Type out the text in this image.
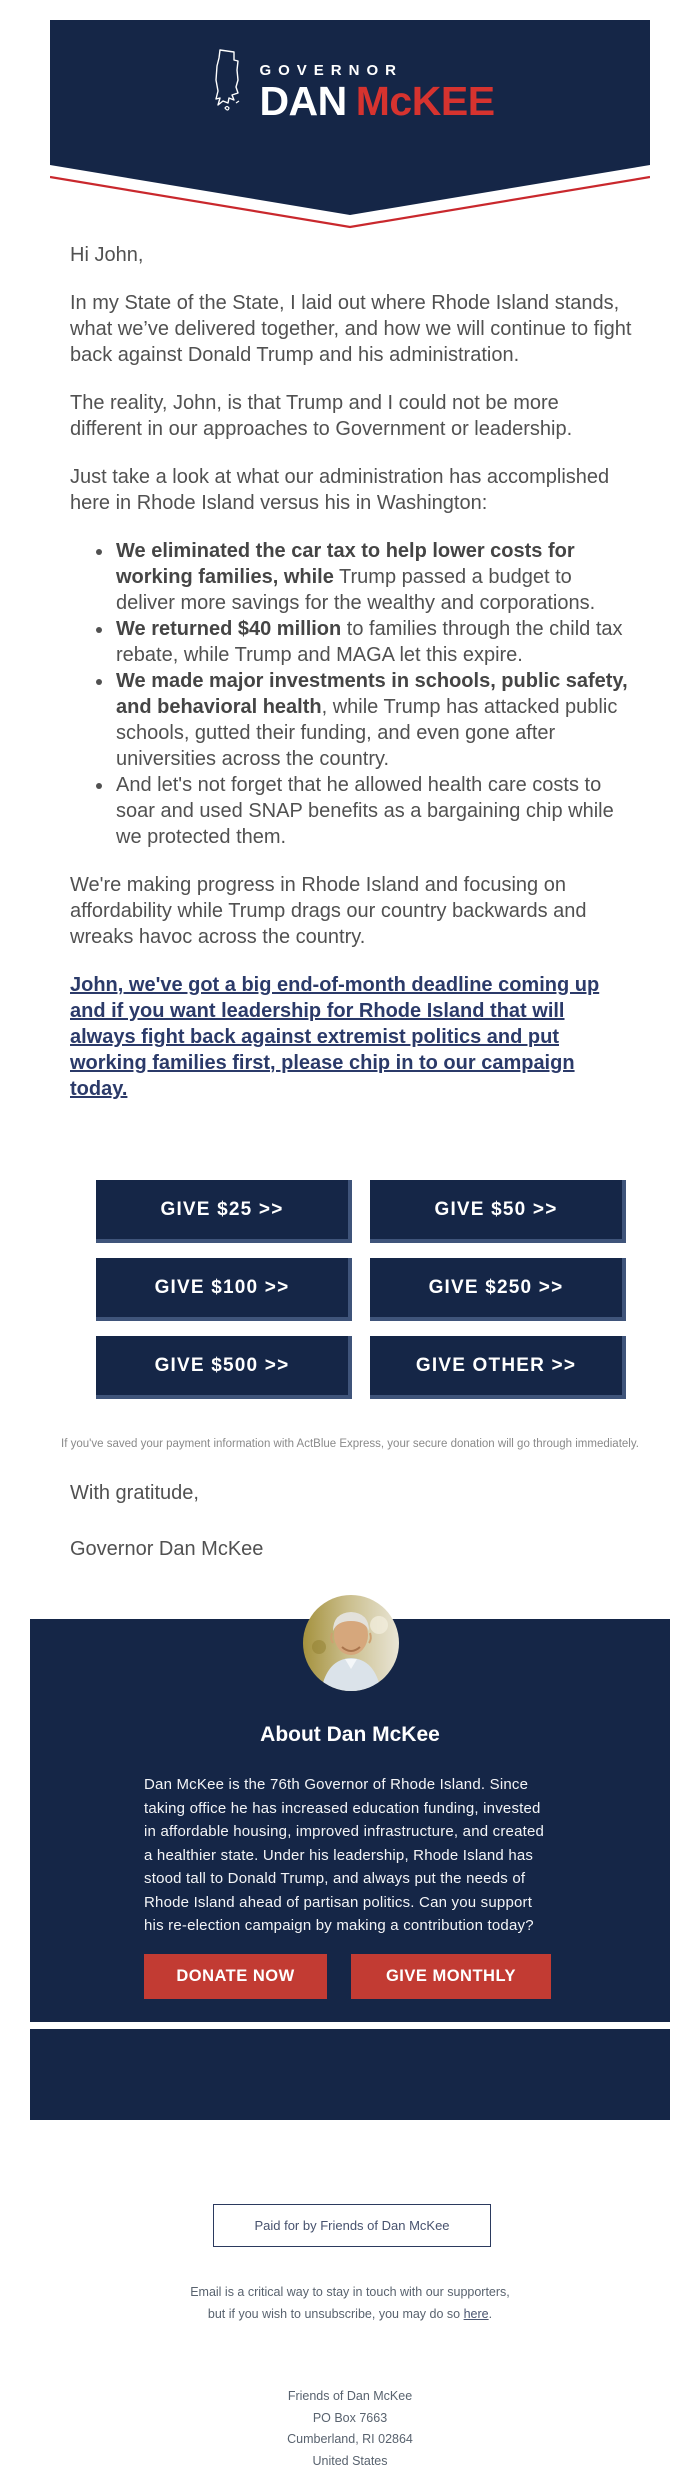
GOVERNOR
DAN McKEE

Hi John,

In my State of the State, I laid out where Rhode Island stands, what we’ve delivered together, and how we will continue to fight back against Donald Trump and his administration.

The reality, John, is that Trump and I could not be more different in our approaches to Government or leadership.

Just take a look at what our administration has accomplished here in Rhode Island versus his in Washington:

• We eliminated the car tax to help lower costs for working families, while Trump passed a budget to deliver more savings for the wealthy and corporations.
• We returned $40 million to families through the child tax rebate, while Trump and MAGA let this expire.
• We made major investments in schools, public safety, and behavioral health, while Trump has attacked public schools, gutted their funding, and even gone after universities across the country.
• And let's not forget that he allowed health care costs to soar and used SNAP benefits as a bargaining chip while we protected them.

We're making progress in Rhode Island and focusing on affordability while Trump drags our country backwards and wreaks havoc across the country.

John, we've got a big end-of-month deadline coming up and if you want leadership for Rhode Island that will always fight back against extremist politics and put working families first, please chip in to our campaign today.

GIVE $25 >>	GIVE $50 >>
GIVE $100 >>	GIVE $250 >>
GIVE $500 >>	GIVE OTHER >>
If you've saved your payment information with ActBlue Express, your secure donation will go through immediately.
With gratitude,
Governor Dan McKee
About Dan McKee
Dan McKee is the 76th Governor of Rhode Island. Since taking office he has increased education funding, invested in affordable housing, improved infrastructure, and created a healthier state. Under his leadership, Rhode Island has stood tall to Donald Trump, and always put the needs of Rhode Island ahead of partisan politics. Can you support his re-election campaign by making a contribution today?
DONATE NOW	GIVE MONTHLY
Paid for by Friends of Dan McKee
Email is a critical way to stay in touch with our supporters, but if you wish to unsubscribe, you may do so here.
Friends of Dan McKee
PO Box 7663
Cumberland, RI 02864
United States
